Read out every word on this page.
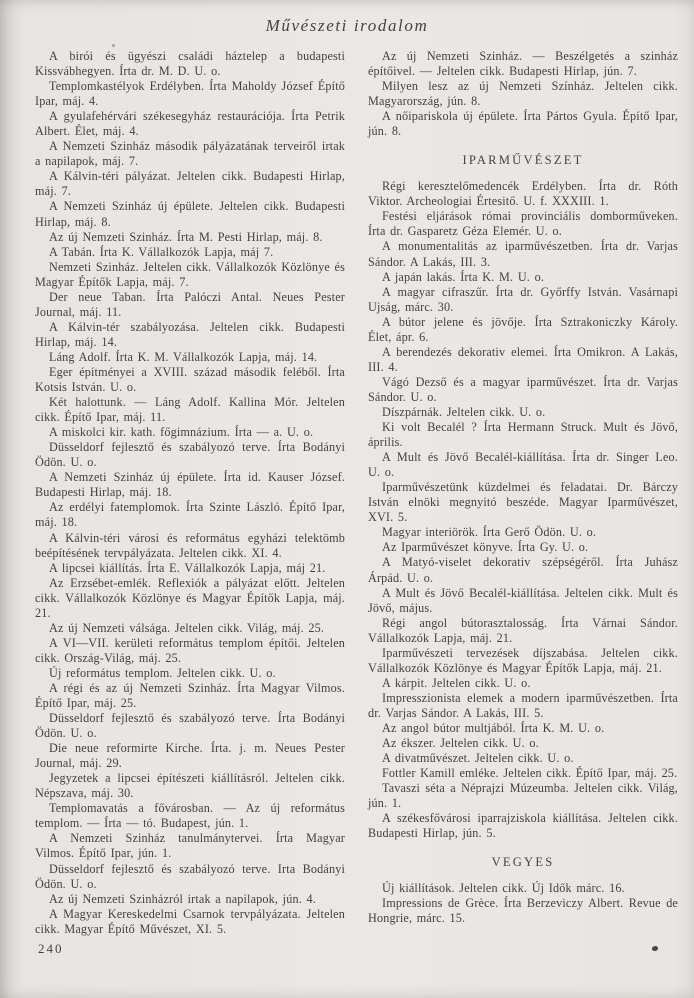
Művészeti irodalom

A birói és ügyészi családi háztelep a budapesti Kissvábhegyen. Írta dr. M. D. U. o.

Templomkastélyok Erdélyben. Írta Maholdy József Építő Ipar, máj. 4.

A gyulafehérvári székesegyház restaurációja. Írta Petrik Albert. Élet, máj. 4.

A Nemzeti Szinház második pályázatának terveiről irtak a napilapok, máj. 7.

A Kálvin-téri pályázat. Jeltelen cikk. Budapesti Hirlap, máj. 7.

A Nemzeti Szinház új épülete. Jeltelen cikk. Budapesti Hirlap, máj. 8.

Az új Nemzeti Szinház. Írta M. Pesti Hirlap, máj. 8.

A Tabán. Írta K. Vállalkozók Lapja, máj 7.

Nemzeti Szinház. Jeltelen cikk. Vállalkozók Közlönye és Magyar Építők Lapja, máj. 7.

Der neue Taban. Írta Palóczi Antal. Neues Pester Journal, máj. 11.

A Kálvin-tér szabályozása. Jeltelen cikk. Budapesti Hirlap, máj. 14.

Láng Adolf. Írta K. M. Vállalkozók Lapja, máj. 14.

Eger építményei a XVIII. század második feléből. Írta Kotsis István. U. o.

Két halottunk. — Láng Adolf. Kallina Mór. Jeltelen cikk. Építő Ipar, máj. 11.

A miskolci kir. kath. főgimnázium. Írta — a. U. o.

Düsseldorf fejlesztő és szabályozó terve. Írta Bodányi Ödön. U. o.

A Nemzeti Szinház új épülete. Írta id. Kauser József. Budapesti Hirlap, máj. 18.

Az erdélyi fatemplomok. Írta Szinte László. Építő Ipar, máj. 18.

A Kálvin-téri városi és református egyházi telektömb beépítésének tervpályázata. Jeltelen cikk. XI. 4.

A lipcsei kiállítás. Írta E. Vállalkozók Lapja, máj 21.

Az Erzsébet-emlék. Reflexiók a pályázat előtt. Jeltelen cikk. Vállalkozók Közlönye és Magyar Építők Lapja, máj. 21.

Az új Nemzeti válsága. Jeltelen cikk. Világ, máj. 25.

A VI—VII. kerületi református templom építői. Jeltelen cikk. Ország-Világ, máj. 25.

Új református templom. Jeltelen cikk. U. o.

A régi és az új Nemzeti Szinház. Írta Magyar Vilmos. Építő Ipar, máj. 25.

Düsseldorf fejlesztő és szabályozó terve. Írta Bodányi Ödön. U. o.

Die neue reformirte Kirche. Írta. j. m. Neues Pester Journal, máj. 29.

Jegyzetek a lipcsei építészeti kiállításról. Jeltelen cikk. Népszava, máj. 30.

Templomavatás a fővárosban. — Az új református templom. — Írta — tó. Budapest, jún. 1.

A Nemzeti Szinház tanulmánytervei. Írta Magyar Vilmos. Építő Ipar, jún. 1.

Düsseldorf fejlesztő és szabályozó terve. Irta Bodányi Ödön. U. o.

Az új Nemzeti Szinházról irtak a napilapok, jún. 4.

A Magyar Kereskedelmi Csarnok tervpályázata. Jeltelen cikk. Magyar Építő Művészet, XI. 5.

Az új Nemzeti Szinház. — Beszélgetés a szinház építőivel. — Jeltelen cikk. Budapesti Hirlap, jún. 7.

Milyen lesz az új Nemzeti Színház. Jeltelen cikk. Magyarország, jún. 8.

A nőipariskola új épülete. Írta Pártos Gyula. Építő Ipar, jún. 8.

IPARMŰVÉSZET

Régi keresztelőmedencék Erdélyben. Írta dr. Róth Viktor. Archeologiai Értesitő. U. f. XXXIII. 1.

Festési eljárások római provinciális domborműveken. Írta dr. Gasparetz Géza Elemér. U. o.

A monumentalitás az iparművészetben. Írta dr. Varjas Sándor. A Lakás, III. 3.

A japán lakás. Írta K. M. U. o.

A magyar cifraszűr. Írta dr. Győrffy István. Vasárnapi Ujság, márc. 30.

A bútor jelene és jövője. Írta Sztrakoniczky Károly. Élet, ápr. 6.

A berendezés dekorativ elemei. Írta Omikron. A Lakás, III. 4.

Vágó Dezső és a magyar iparművészet. Írta dr. Varjas Sándor. U. o.

Díszpárnák. Jeltelen cikk. U. o.

Ki volt Becalél ? Írta Hermann Struck. Mult és Jövő, április.

A Mult és Jövő Becalél-kiállítása. Írta dr. Singer Leo. U. o.

Iparművészetünk küzdelmei és feladatai. Dr. Bárczy István elnöki megnyitó beszéde. Magyar Iparművészet, XVI. 5.

Magyar interiörök. Írta Gerő Ödön. U. o.

Az Iparművészet könyve. Írta Gy. U. o.

A Matyó-viselet dekorativ szépségéről. Írta Juhász Árpád. U. o.

A Mult és Jövő Becalél-kiállítása. Jeltelen cikk. Mult és Jövő, május.

Régi angol bútorasztalosság. Írta Várnai Sándor. Vállalkozók Lapja, máj. 21.

Iparművészeti tervezések díjszabása. Jeltelen cikk. Vállalkozók Közlönye és Magyar Építők Lapja, máj. 21.

A kárpit. Jeltelen cikk. U. o.

Impresszionista elemek a modern iparművészetben. Írta dr. Varjas Sándor. A Lakás, III. 5.

Az angol bútor multjából. Írta K. M. U. o.

Az ékszer. Jeltelen cikk. U. o.

A divatművészet. Jeltelen cikk. U. o.

Fottler Kamill emléke. Jeltelen cikk. Építő Ipar, máj. 25.

Tavaszi séta a Néprajzi Múzeumba. Jeltelen cikk. Világ, jún. 1.

A székesfővárosi iparrajziskola kiállítása. Jeltelen cikk. Budapesti Hirlap, jún. 5.

VEGYES

Új kiállítások. Jeltelen cikk. Új Idők márc. 16.

Impressions de Grèce. Írta Berzeviczy Albert. Revue de Hongrie, márc. 15.

240
